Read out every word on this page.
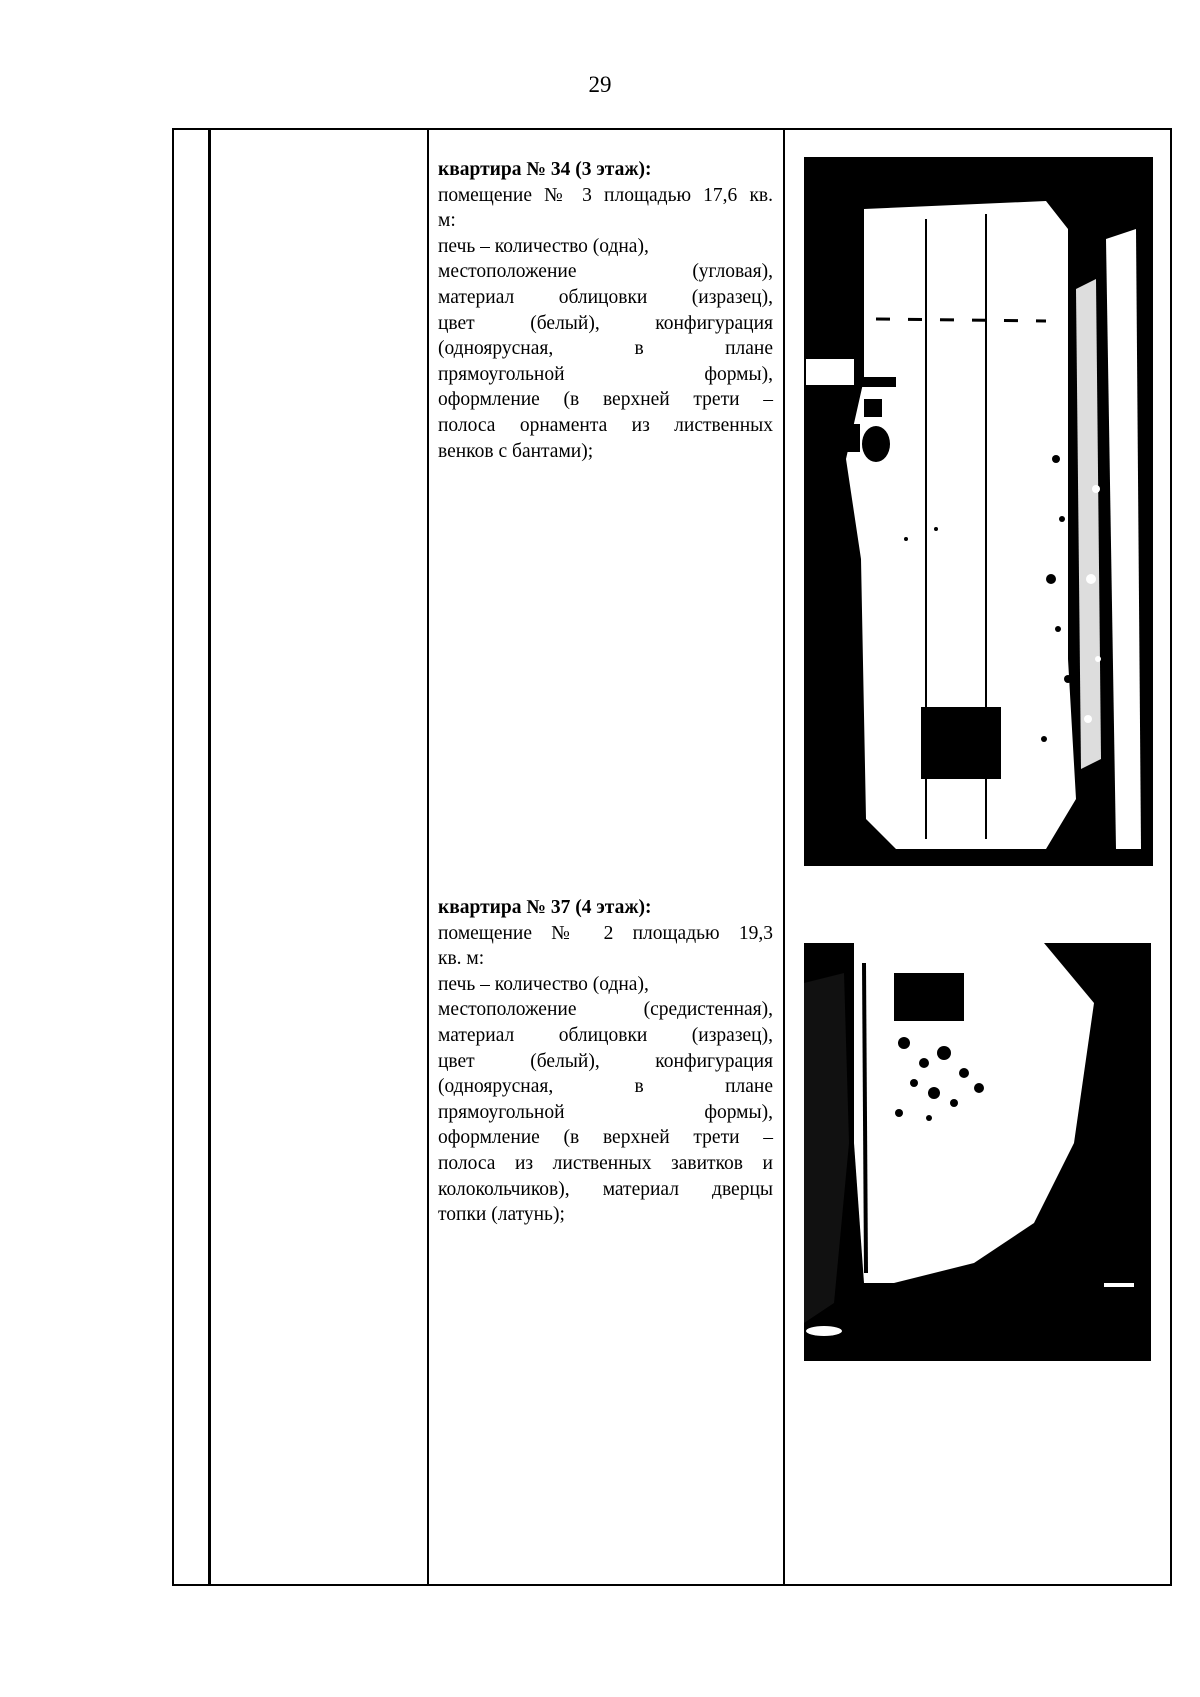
29
квартира № 34 (3 этаж):
помещение № 3 площадью 17,6 кв.
м:
печь – количество (одна),
местоположение (угловая),
материал облицовки (изразец),
цвет (белый), конфигурация
(одноярусная, в плане
прямоугольной формы),
оформление (в верхней трети –
полоса орнамента из лиственных
венков с бантами);
квартира № 37 (4 этаж):
помещение № 2 площадью 19,3
кв. м:
печь – количество (одна),
местоположение (средистенная),
материал облицовки (изразец),
цвет (белый), конфигурация
(одноярусная, в плане
прямоугольной формы),
оформление (в верхней трети –
полоса из лиственных завитков и
колокольчиков), материал дверцы
топки (латунь);
